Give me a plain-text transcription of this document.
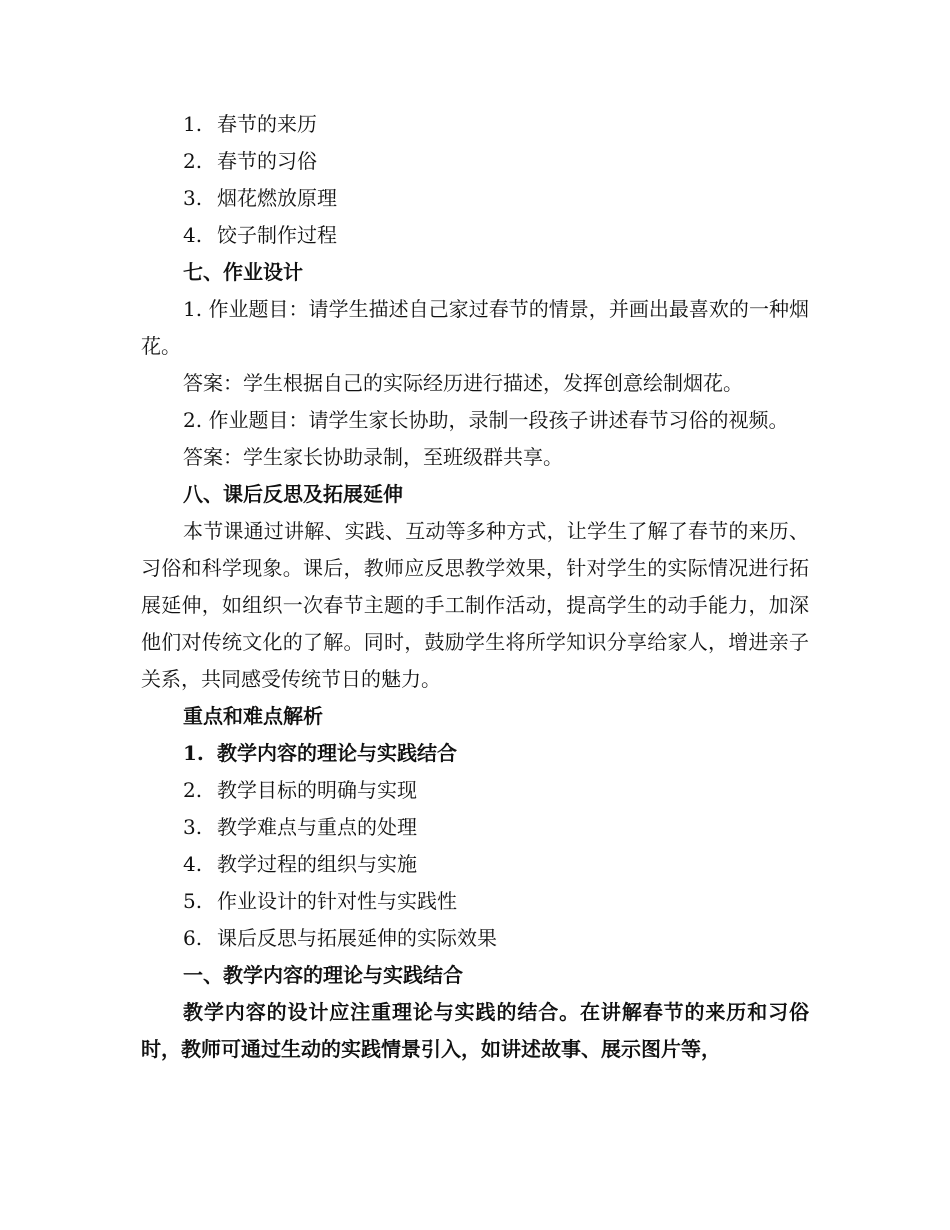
1. 春节的来历

2. 春节的习俗

3. 烟花燃放原理

4. 饺子制作过程

七、作业设计

1. 作业题目：请学生描述自己家过春节的情景，并画出最喜欢的一种烟花。

答案：学生根据自己的实际经历进行描述，发挥创意绘制烟花。

2. 作业题目：请学生家长协助，录制一段孩子讲述春节习俗的视频。

答案：学生家长协助录制，至班级群共享。

八、课后反思及拓展延伸

本节课通过讲解、实践、互动等多种方式，让学生了解了春节的来历、习俗和科学现象。课后，教师应反思教学效果，针对学生的实际情况进行拓展延伸，如组织一次春节主题的手工制作活动，提高学生的动手能力，加深他们对传统文化的了解。同时，鼓励学生将所学知识分享给家人，增进亲子关系，共同感受传统节日的魅力。

重点和难点解析

1. 教学内容的理论与实践结合

2. 教学目标的明确与实现

3. 教学难点与重点的处理

4. 教学过程的组织与实施

5. 作业设计的针对性与实践性

6. 课后反思与拓展延伸的实际效果

一、教学内容的理论与实践结合

教学内容的设计应注重理论与实践的结合。在讲解春节的来历和习俗时，教师可通过生动的实践情景引入，如讲述故事、展示图片等，
